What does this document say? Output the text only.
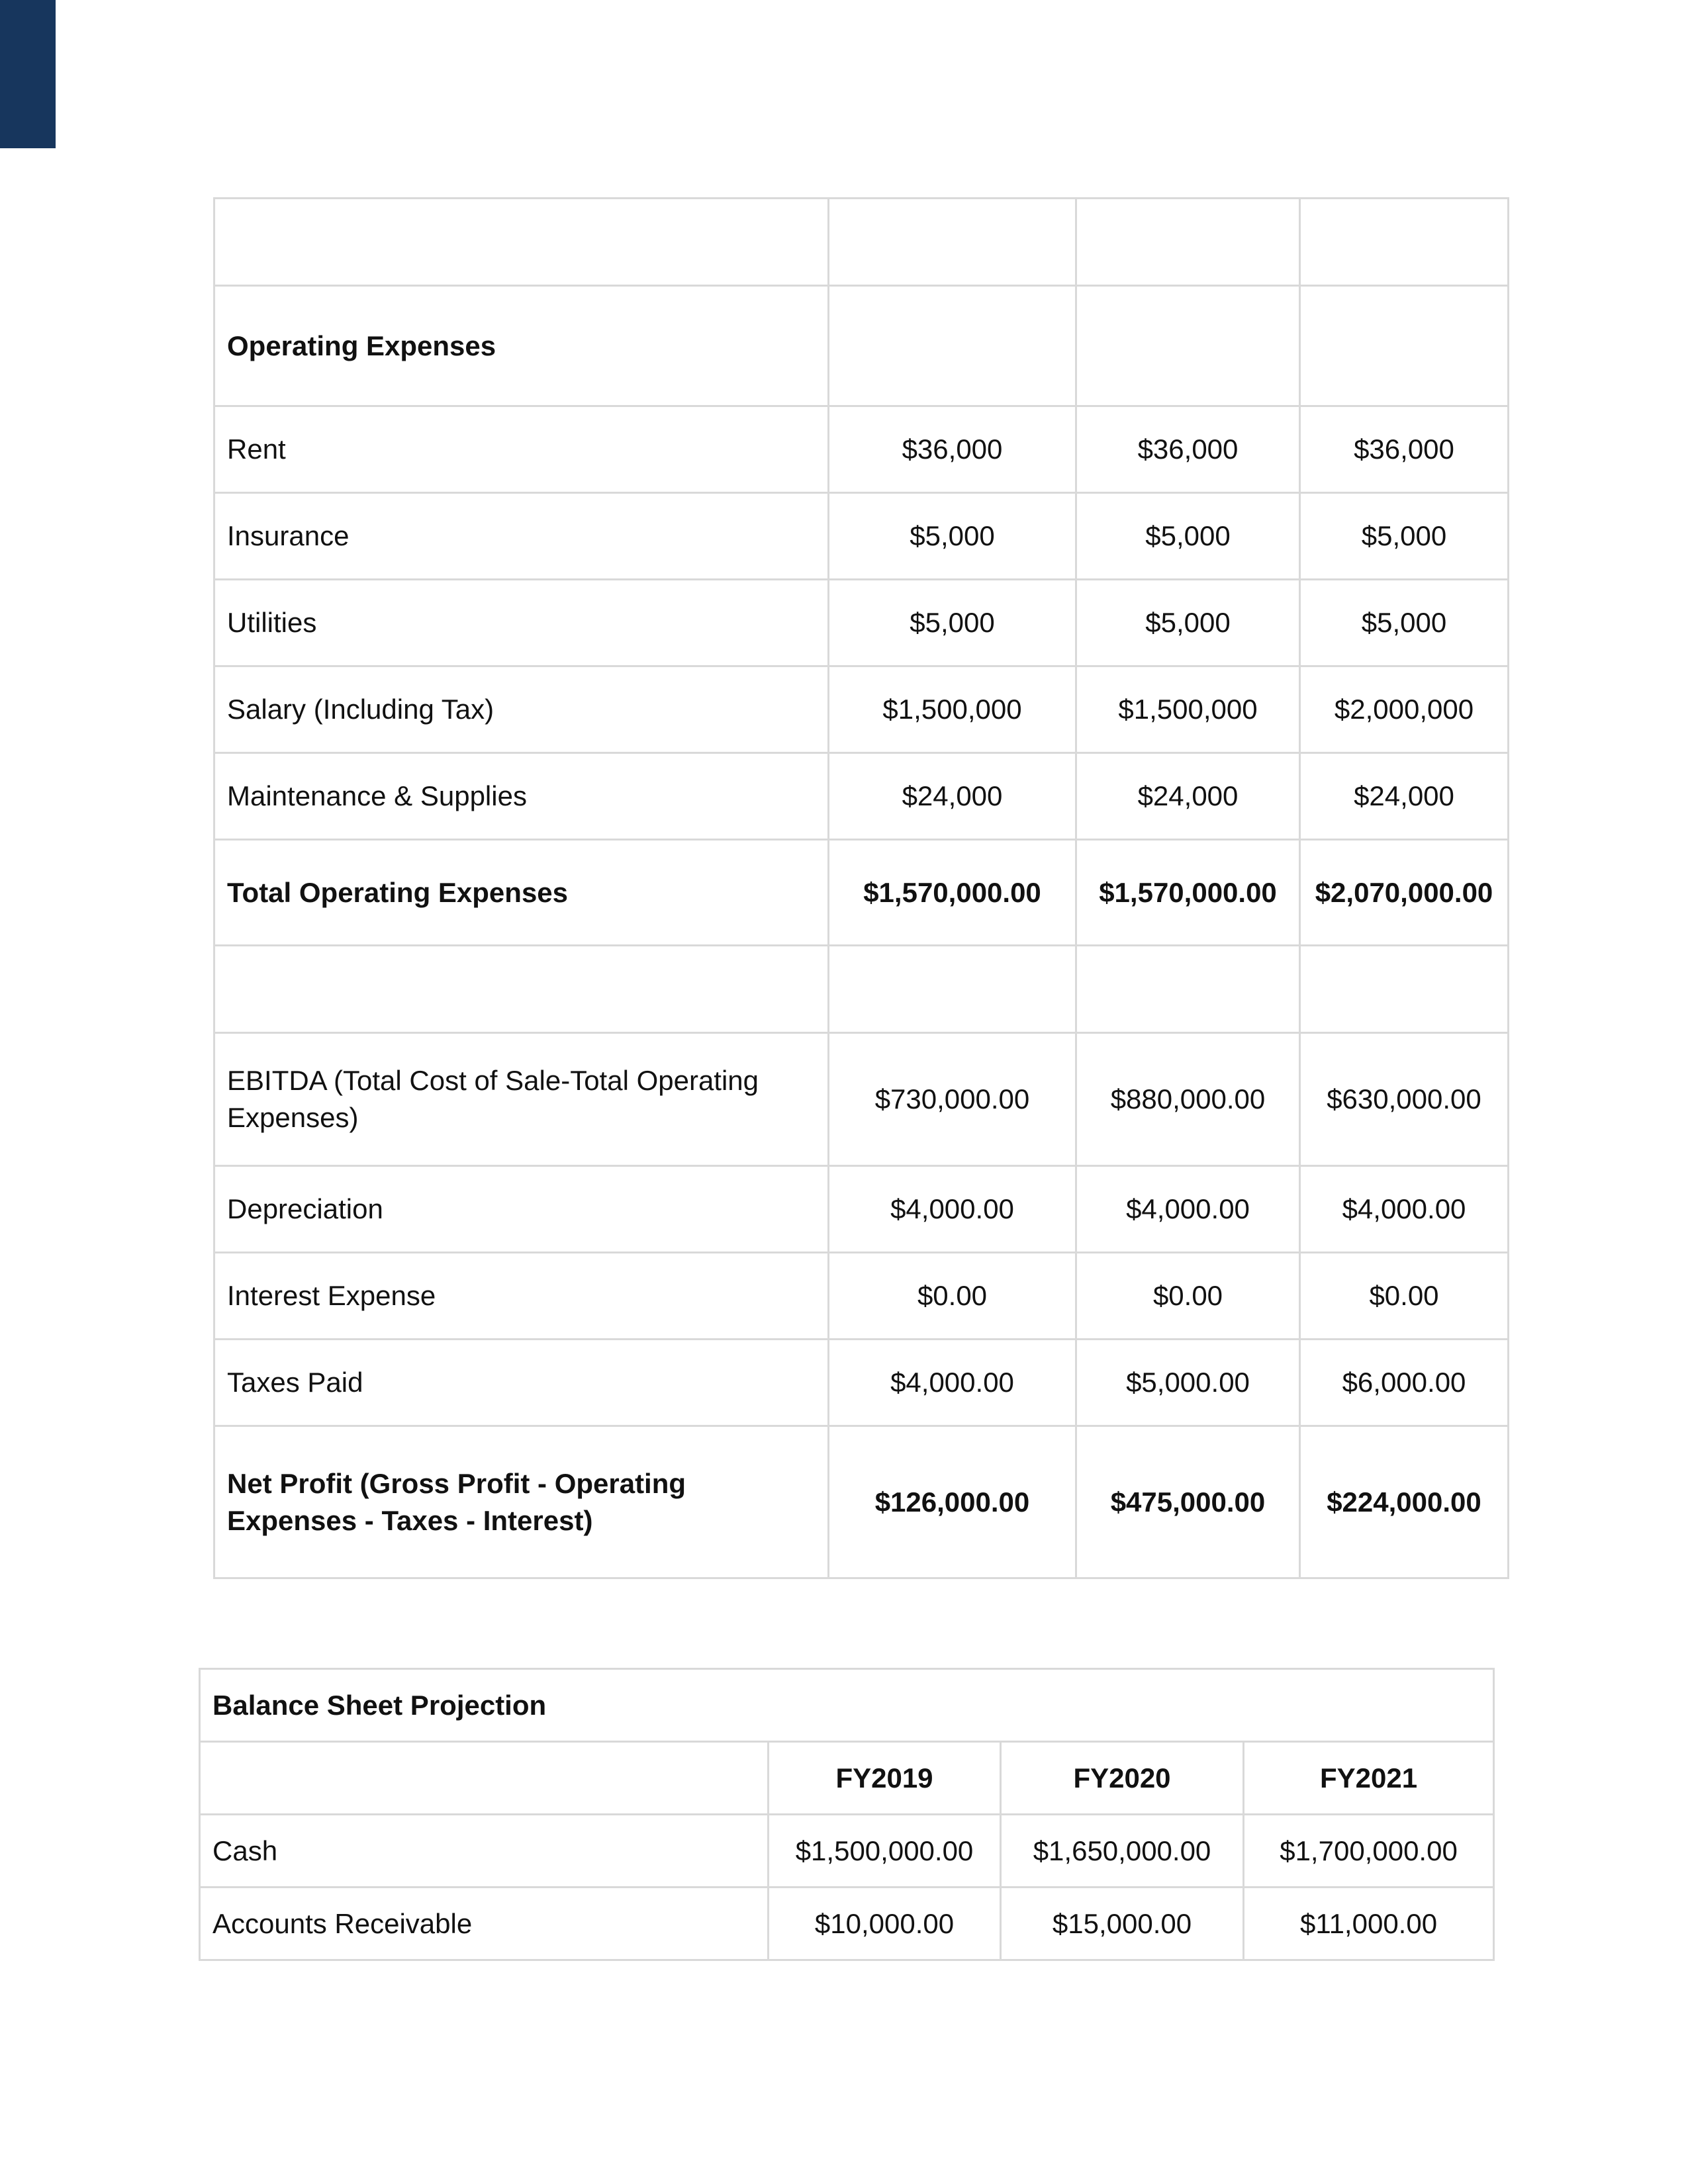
Operating Expenses			
Rent	$36,000	$36,000	$36,000
Insurance	$5,000	$5,000	$5,000
Utilities	$5,000	$5,000	$5,000
Salary (Including Tax)	$1,500,000	$1,500,000	$2,000,000
Maintenance & Supplies	$24,000	$24,000	$24,000
Total Operating Expenses	$1,570,000.00	$1,570,000.00	$2,070,000.00

EBITDA (Total Cost of Sale-Total Operating Expenses)	$730,000.00	$880,000.00	$630,000.00
Depreciation	$4,000.00	$4,000.00	$4,000.00
Interest Expense	$0.00	$0.00	$0.00
Taxes Paid	$4,000.00	$5,000.00	$6,000.00
Net Profit (Gross Profit - Operating Expenses - Taxes - Interest)	$126,000.00	$475,000.00	$224,000.00
Balance Sheet Projection			
	FY2019	FY2020	FY2021
Cash	$1,500,000.00	$1,650,000.00	$1,700,000.00
Accounts Receivable	$10,000.00	$15,000.00	$11,000.00
